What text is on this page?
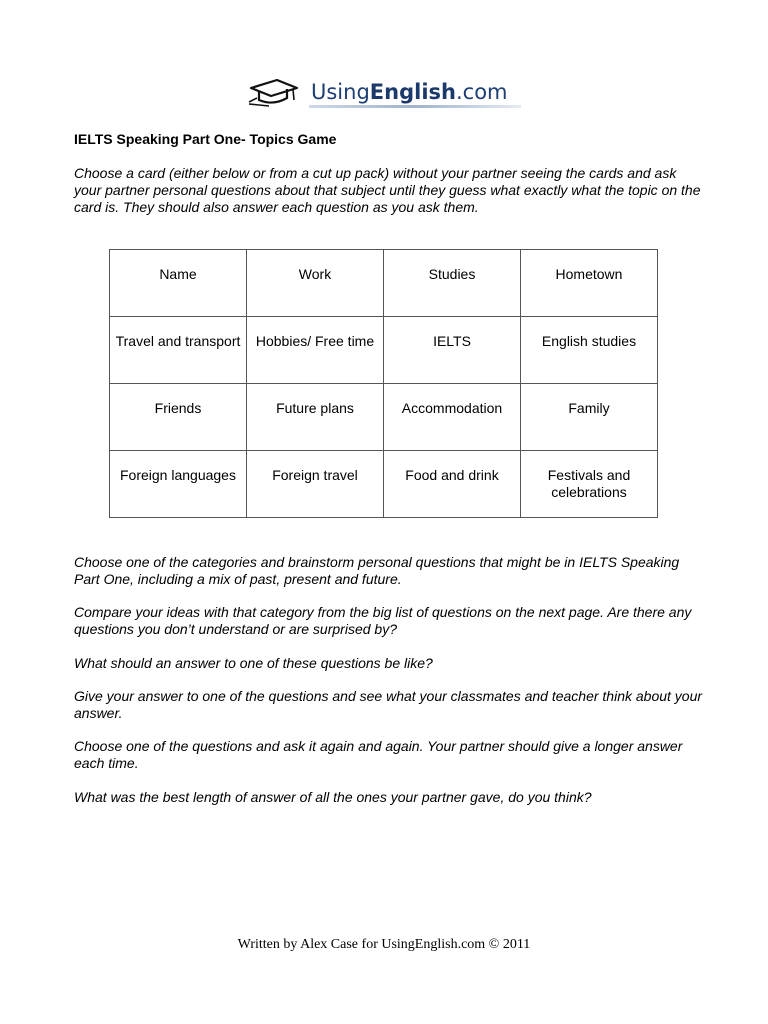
UsingEnglish.com
IELTS Speaking Part One- Topics Game
Choose a card (either below or from a cut up pack) without your partner seeing the cards and ask your partner personal questions about that subject until they guess what exactly what the topic on the card is. They should also answer each question as you ask them.
Name	Work	Studies	Hometown
Travel and transport	Hobbies/ Free time	IELTS	English studies
Friends	Future plans	Accommodation	Family
Foreign languages	Foreign travel	Food and drink	Festivals and celebrations
Choose one of the categories and brainstorm personal questions that might be in IELTS Speaking Part One, including a mix of past, present and future.
Compare your ideas with that category from the big list of questions on the next page. Are there any questions you don’t understand or are surprised by?
What should an answer to one of these questions be like?
Give your answer to one of the questions and see what your classmates and teacher think about your answer.
Choose one of the questions and ask it again and again. Your partner should give a longer answer each time.
What was the best length of answer of all the ones your partner gave, do you think?
Written by Alex Case for UsingEnglish.com © 2011
